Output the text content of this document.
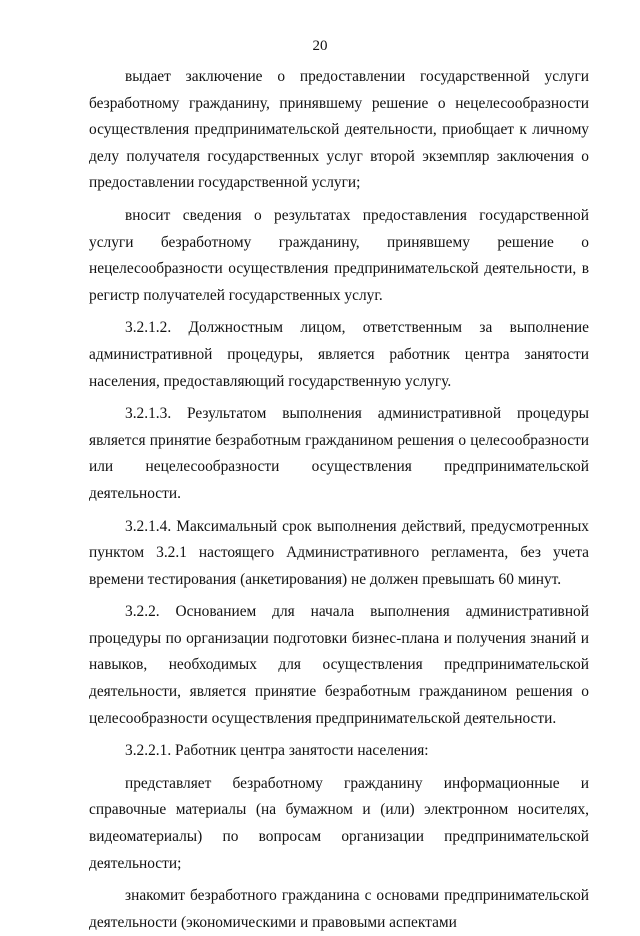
20

выдает заключение о предоставлении государственной услуги безработному гражданину, принявшему решение о нецелесообразности осуществления предпринимательской деятельности, приобщает к личному делу получателя государственных услуг второй экземпляр заключения о предоставлении государственной услуги;

вносит сведения о результатах предоставления государственной услуги безработному гражданину, принявшему решение о нецелесообразности осуществления предпринимательской деятельности, в регистр получателей государственных услуг.

3.2.1.2. Должностным лицом, ответственным за выполнение административной процедуры, является работник центра занятости населения, предоставляющий государственную услугу.

3.2.1.3. Результатом выполнения административной процедуры является принятие безработным гражданином решения о целесообразности или нецелесообразности осуществления предпринимательской деятельности.

3.2.1.4. Максимальный срок выполнения действий, предусмотренных пунктом 3.2.1 настоящего Административного регламента, без учета времени тестирования (анкетирования) не должен превышать 60 минут.

3.2.2. Основанием для начала выполнения административной процедуры по организации подготовки бизнес-плана и получения знаний и навыков, необходимых для осуществления предпринимательской деятельности, является принятие безработным гражданином решения о целесообразности осуществления предпринимательской деятельности.

3.2.2.1. Работник центра занятости населения:

представляет безработному гражданину информационные и справочные материалы (на бумажном и (или) электронном носителях, видеоматериалы) по вопросам организации предпринимательской деятельности;

знакомит безработного гражданина с основами предпринимательской деятельности (экономическими и правовыми аспектами
